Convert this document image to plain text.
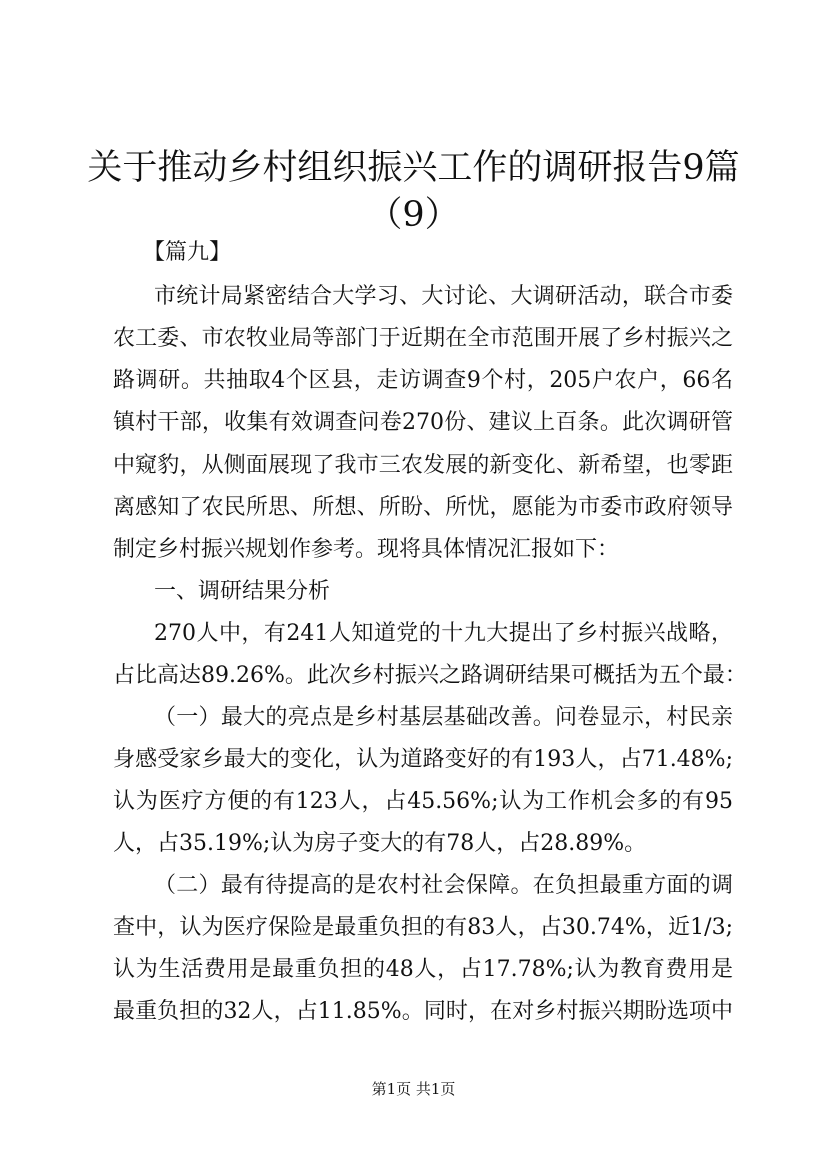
关于推动乡村组织振兴工作的调研报告9篇
（9）
【篇九】
市统计局紧密结合大学习、大讨论、大调研活动，联合市委
农工委、市农牧业局等部门于近期在全市范围开展了乡村振兴之
路调研。共抽取4个区县，走访调查9个村，205户农户，66名
镇村干部，收集有效调查问卷270份、建议上百条。此次调研管
中窥豹，从侧面展现了我市三农发展的新变化、新希望，也零距
离感知了农民所思、所想、所盼、所忧，愿能为市委市政府领导
制定乡村振兴规划作参考。现将具体情况汇报如下：
一、调研结果分析
270人中，有241人知道党的十九大提出了乡村振兴战略，
占比高达89.26%。此次乡村振兴之路调研结果可概括为五个最：
（一）最大的亮点是乡村基层基础改善。问卷显示，村民亲
身感受家乡最大的变化，认为道路变好的有193人，占71.48%;
认为医疗方便的有123人，占45.56%;认为工作机会多的有95
人，占35.19%;认为房子变大的有78人，占28.89%。
（二）最有待提高的是农村社会保障。在负担最重方面的调
查中，认为医疗保险是最重负担的有83人，占30.74%，近1/3;
认为生活费用是最重负担的48人，占17.78%;认为教育费用是
最重负担的32人，占11.85%。同时，在对乡村振兴期盼选项中
第1页 共1页
